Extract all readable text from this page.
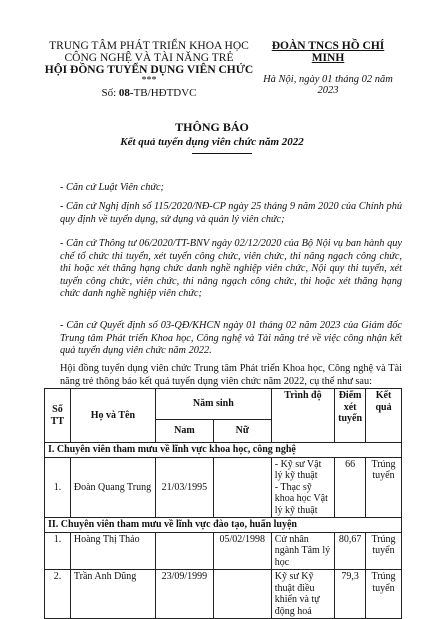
TRUNG TÂM PHÁT TRIỂN KHOA HỌC
CÔNG NGHỆ VÀ TÀI NĂNG TRẺ
HỘI ĐỒNG TUYỂN DỤNG VIÊN CHỨC
***
Số: 08-TB/HĐTDVC
ĐOÀN TNCS HỒ CHÍ MINH
Hà Nội, ngày 01 tháng 02 năm 2023
THÔNG BÁO
Kết quả tuyển dụng viên chức năm 2022
- Căn cứ Luật Viên chức;
- Căn cứ Nghị định số 115/2020/NĐ-CP ngày 25 tháng 9 năm 2020 của Chính phủ quy định về tuyển dụng, sử dụng và quản lý viên chức;
- Căn cứ Thông tư 06/2020/TT-BNV ngày 02/12/2020 của Bộ Nội vụ ban hành quy chế tổ chức thi tuyển, xét tuyển công chức, viên chức, thi nâng ngạch công chức, thi hoặc xét thăng hạng chức danh nghề nghiệp viên chức, Nội quy thi tuyển, xét tuyển công chức, viên chức, thi nâng ngạch công chức, thi hoặc xét thăng hạng chức danh nghề nghiệp viên chức;
- Căn cứ Quyết định số 03-QĐ/KHCN ngày 01 tháng 02 năm 2023 của Giám đốc Trung tâm Phát triển Khoa học, Công nghệ và Tài năng trẻ về việc công nhận kết quả tuyển dụng viên chức năm 2022.
Hội đồng tuyển dụng viên chức Trung tâm Phát triển Khoa học, Công nghệ và Tài năng trẻ thông báo kết quả tuyển dụng viên chức năm 2022, cụ thể như sau:
Số TT	Họ và Tên	Năm sinh		Trình độ	Điểm xét tuyển	Kết quả
		Nam	Nữ			
I. Chuyên viên tham mưu về lĩnh vực khoa học, công nghệ						
1.	Đoàn Quang Trung	21/03/1995		- Kỹ sư Vật lý kỹ thuật
- Thạc sỹ khoa học Vật lý kỹ thuật	66	Trúng tuyển
II. Chuyên viên tham mưu về lĩnh vực đào tạo, huấn luyện						
1.	Hoàng Thị Thảo		05/02/1998	Cử nhân ngành Tâm lý học	80,67	Trúng tuyển
2.	Trần Anh Dũng	23/09/1999		Kỹ sư Kỹ thuật điều khiển và tự động hoá	79,3	Trúng tuyển
